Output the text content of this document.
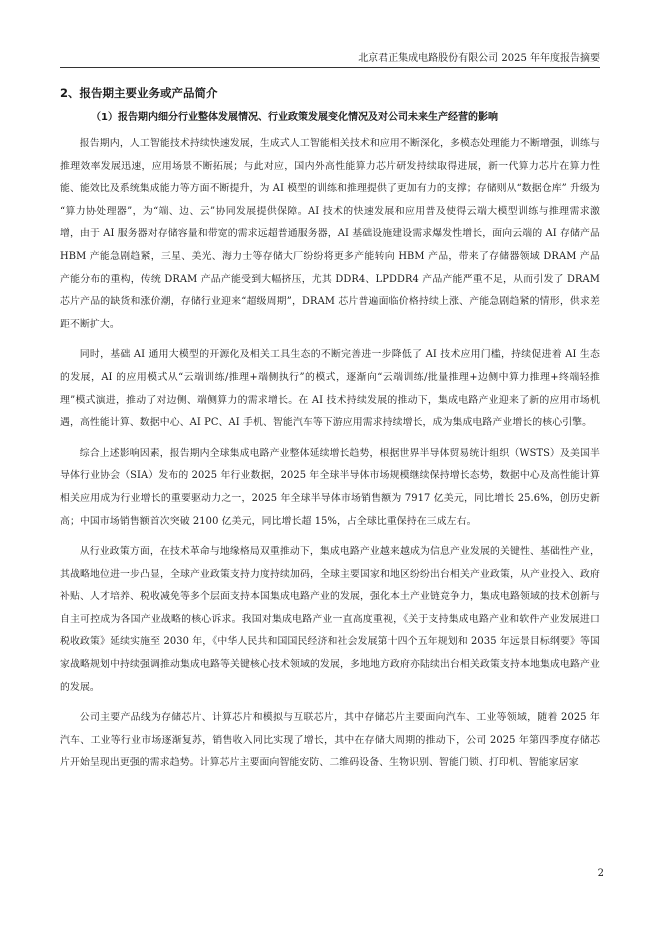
北京君正集成电路股份有限公司 2025 年年度报告摘要
2、报告期主要业务或产品简介
（1）报告期内细分行业整体发展情况、行业政策发展变化情况及对公司未来生产经营的影响

报告期内，人工智能技术持续快速发展，生成式人工智能相关技术和应用不断深化，多模态处理能力不断增强，训练与推理效率发展迅速，应用场景不断拓展；与此对应，国内外高性能算力芯片研发持续取得进展，新一代算力芯片在算力性能、能效比及系统集成能力等方面不断提升，为 AI 模型的训练和推理提供了更加有力的支撑；存储则从“数据仓库” 升级为 “算力协处理器”，为“端、边、云”协同发展提供保障。AI 技术的快速发展和应用普及使得云端大模型训练与推理需求激增，由于 AI 服务器对存储容量和带宽的需求远超普通服务器，AI 基础设施建设需求爆发性增长，面向云端的 AI 存储产品 HBM 产能急剧趋紧，三星、美光、海力士等存储大厂纷纷将更多产能转向 HBM 产品，带来了存储器领域 DRAM 产品产能分布的重构，传统 DRAM 产品产能受到大幅挤压，尤其 DDR4、LPDDR4 产品产能严重不足，从而引发了 DRAM 芯片产品的缺货和涨价潮，存储行业迎来“超级周期”，DRAM 芯片普遍面临价格持续上涨、产能急剧趋紧的情形，供求差距不断扩大。

同时，基础 AI 通用大模型的开源化及相关工具生态的不断完善进一步降低了 AI 技术应用门槛，持续促进着 AI 生态的发展，AI 的应用模式从“云端训练/推理+端侧执行”的模式，逐渐向“云端训练/批量推理+边侧中算力推理+终端轻推理”模式演进，推动了对边侧、端侧算力的需求增长。在 AI 技术持续发展的推动下，集成电路产业迎来了新的应用市场机遇，高性能计算、数据中心、AI PC、AI 手机、智能汽车等下游应用需求持续增长，成为集成电路产业增长的核心引擎。

综合上述影响因素，报告期内全球集成电路产业整体延续增长趋势，根据世界半导体贸易统计组织（WSTS）及美国半导体行业协会（SIA）发布的 2025 年行业数据，2025 年全球半导体市场规模继续保持增长态势，数据中心及高性能计算相关应用成为行业增长的重要驱动力之一，2025 年全球半导体市场销售额为 7917 亿美元，同比增长 25.6%，创历史新高；中国市场销售额首次突破 2100 亿美元，同比增长超 15%，占全球比重保持在三成左右。

从行业政策方面，在技术革命与地缘格局双重推动下，集成电路产业越来越成为信息产业发展的关键性、基础性产业，其战略地位进一步凸显，全球产业政策支持力度持续加码，全球主要国家和地区纷纷出台相关产业政策，从产业投入、政府补贴、人才培养、税收减免等多个层面支持本国集成电路产业的发展，强化本土产业链竞争力，集成电路领域的技术创新与自主可控成为各国产业战略的核心诉求。我国对集成电路产业一直高度重视，《关于支持集成电路产业和软件产业发展进口税收政策》延续实施至 2030 年，《中华人民共和国国民经济和社会发展第十四个五年规划和 2035 年远景目标纲要》等国家战略规划中持续强调推动集成电路等关键核心技术领域的发展，多地地方政府亦陆续出台相关政策支持本地集成电路产业的发展。

公司主要产品线为存储芯片、计算芯片和模拟与互联芯片，其中存储芯片主要面向汽车、工业等领域，随着 2025 年汽车、工业等行业市场逐渐复苏，销售收入同比实现了增长，其中在存储大周期的推动下，公司 2025 年第四季度存储芯片开始呈现出更强的需求趋势。计算芯片主要面向智能安防、二维码设备、生物识别、智能门锁、打印机、智能家居家

2
